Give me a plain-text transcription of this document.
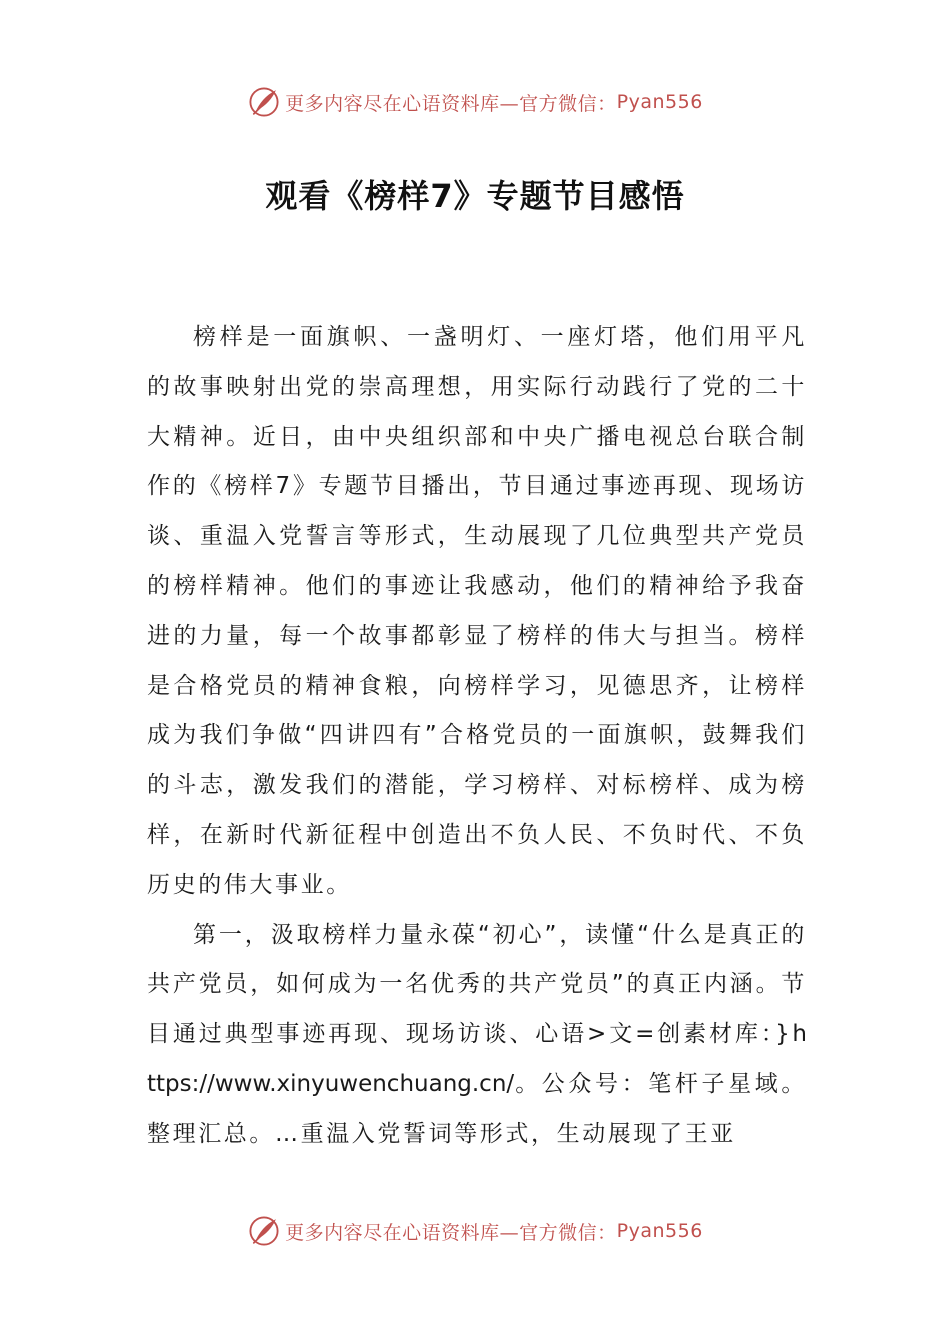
更多内容尽在心语资料库—官方微信： Pyan556
观看《榜样7》专题节目感悟

榜样是一面旗帜、一盏明灯、一座灯塔，他们用平凡的故事映射出党的崇高理想，用实际行动践行了党的二十大精神。近日，由中央组织部和中央广播电视总台联合制作的《榜样7》专题节目播出，节目通过事迹再现、现场访谈、重温入党誓言等形式，生动展现了几位典型共产党员的榜样精神。他们的事迹让我感动，他们的精神给予我奋进的力量，每一个故事都彰显了榜样的伟大与担当。榜样是合格党员的精神食粮，向榜样学习，见德思齐，让榜样成为我们争做“四讲四有”合格党员的一面旗帜，鼓舞我们的斗志，激发我们的潜能，学习榜样、对标榜样、成为榜样，在新时代新征程中创造出不负人民、不负时代、不负历史的伟大事业。

第一，汲取榜样力量永葆“初心”，读懂“什么是真正的共产党员，如何成为一名优秀的共产党员”的真正内涵。节目通过典型事迹再现、现场访谈、心语>文=创素材库：}https://www.xinyuwenchuang.cn/。公众号：笔杆子星域。整理汇总。…重温入党誓词等形式，生动展现了王亚

更多内容尽在心语资料库—官方微信： Pyan556
